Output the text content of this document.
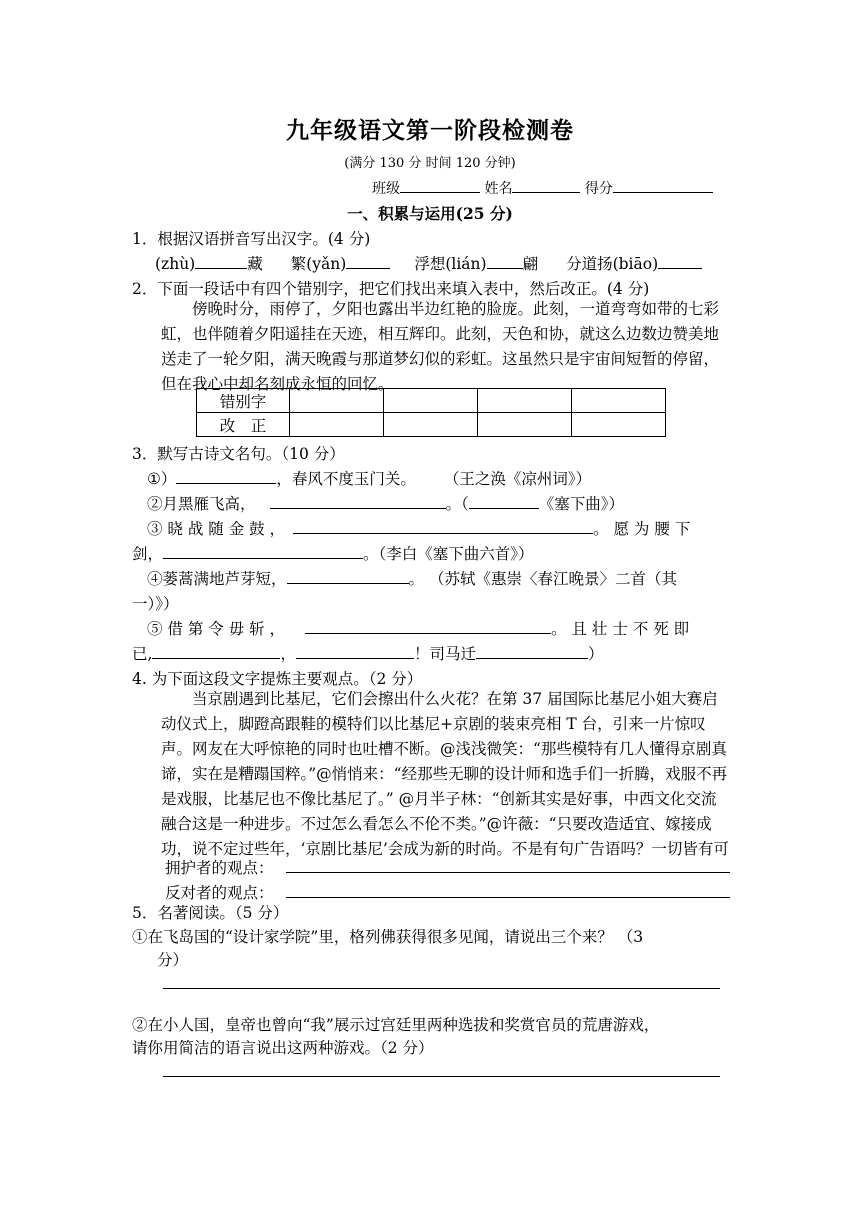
九年级语文第一阶段检测卷
(满分 130 分 时间 120 分钟)
班级	姓名	得分
一、积累与运用(25 分)
1．根据汉语拼音写出汉字。(4 分)
(zhù)	藏 繁(yǎn)	浮想(lián) 翩 分道扬(biāo)
2．下面一段话中有四个错别字，把它们找出来填入表中，然后改正。(4 分)
傍晚时分，雨停了，夕阳也露出半边红艳的脸庞。此刻，一道弯弯如带的七彩虹，也伴随着夕阳遥挂在天迹，相互辉印。此刻，天色和协，就这么边数边赞美地送走了一轮夕阳，满天晚霞与那道梦幻似的彩虹。这虽然只是宇宙间短暂的停留，但在我心中却名刻成永恒的回忆。
错别字				
改　正				
3．默写古诗文名句。（10 分）
①）	，春风不度玉门关。 （王之涣《凉州词》）
②月黑雁飞高，	。（	《塞下曲》）
③ 晓 战 随 金 鼓 ，	。 愿 为 腰 下
剑，	。（李白《塞下曲六首》）
④蒌蒿满地芦芽短，	。 （苏轼《惠崇〈春江晚景〉二首（其
一）》）
⑤ 借 第 令 毋 斩 ，	。 且 壮 士 不 死 即
已,	，	！司马迁	）
4. 为下面这段文字提炼主要观点。（2 分）
当京剧遇到比基尼，它们会擦出什么火花？在第 37 届国际比基尼小姐大赛启动仪式上，脚蹬高跟鞋的模特们以比基尼+京剧的装束亮相 T 台，引来一片惊叹声。网友在大呼惊艳的同时也吐槽不断。@浅浅微笑：“那些模特有几人懂得京剧真谛，实在是糟蹋国粹。”@悄悄来：“经那些无聊的设计师和选手们一折腾，戏服不再是戏服，比基尼也不像比基尼了。” @月半子林：“创新其实是好事，中西文化交流融合这是一种进步。不过怎么看怎么不伦不类。”@许薇：“只要改造适宜、嫁接成功，说不定过些年，‘京剧比基尼’会成为新的时尚。不是有句广告语吗？一切皆有可
拥护者的观点：
反对者的观点：
5．名著阅读。（5 分）
①在飞岛国的“设计家学院”里，格列佛获得很多见闻，请说出三个来？ （3
分）
②在小人国，皇帝也曾向“我”展示过宫廷里两种选拔和奖赏官员的荒唐游戏，
请你用简洁的语言说出这两种游戏。（2 分）
